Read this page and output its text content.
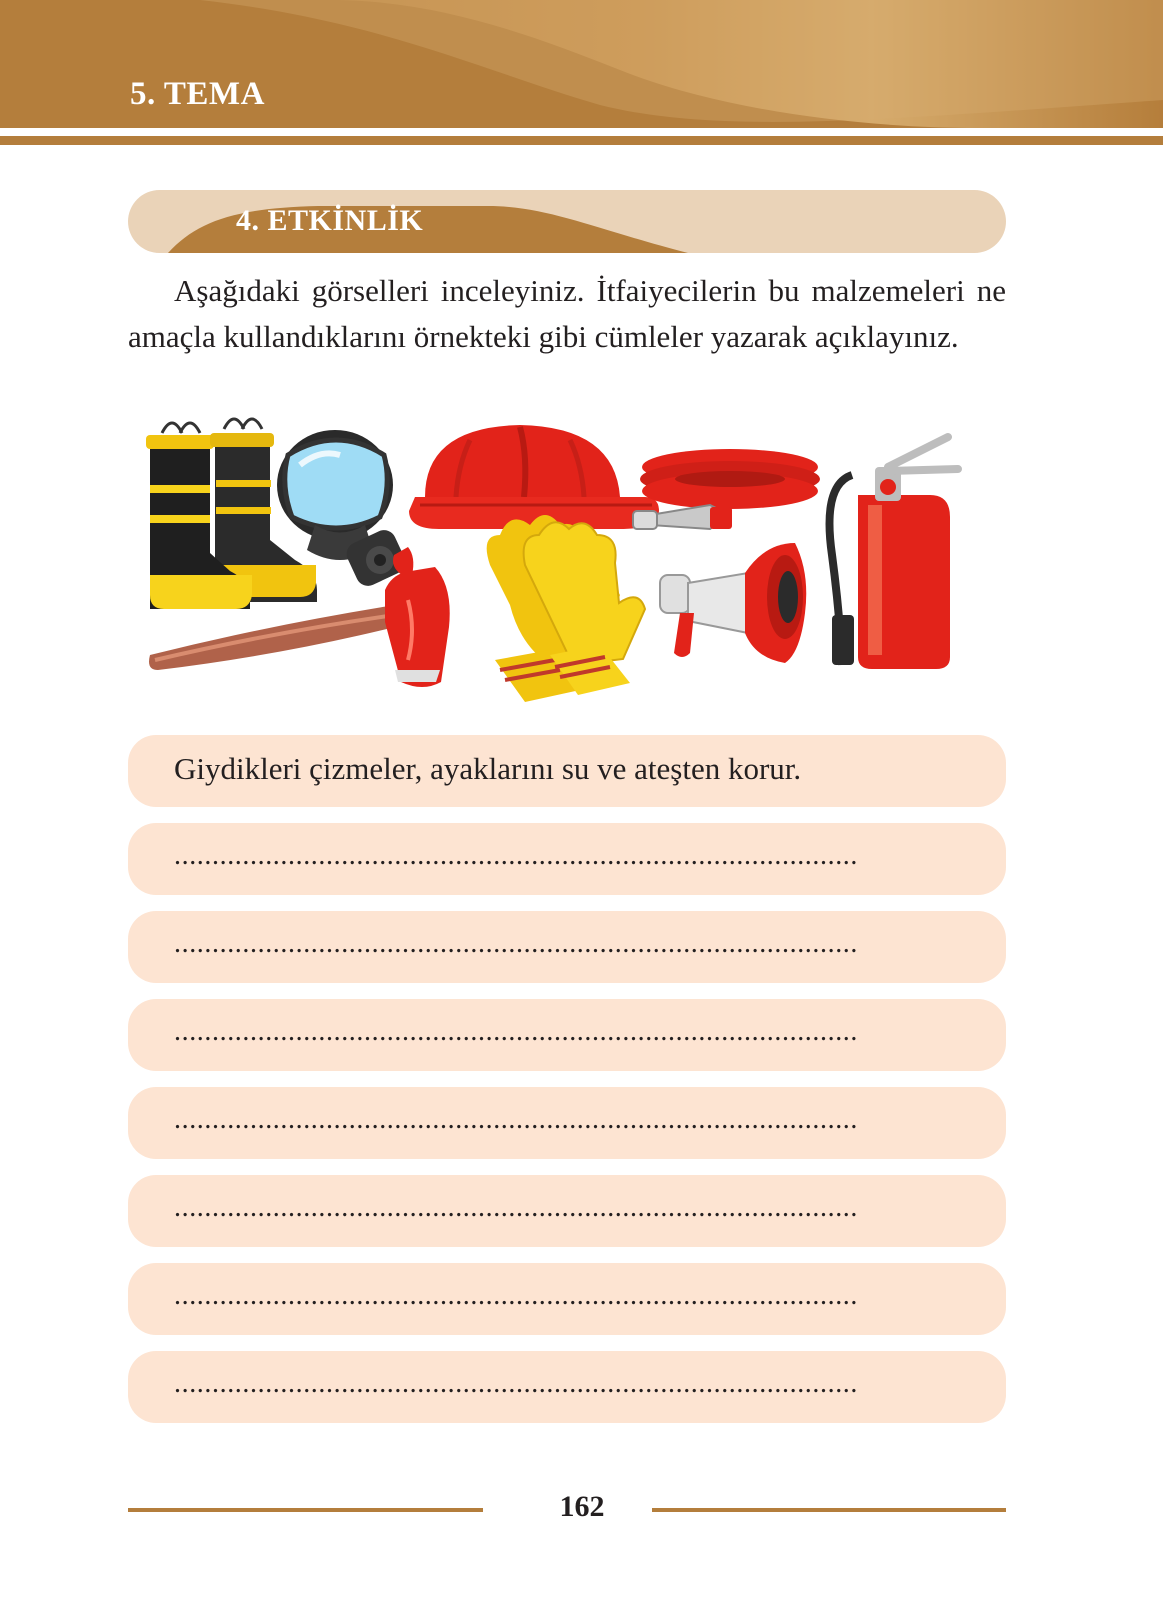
5. TEMA
4. ETKİNLİK

Aşağıdaki görselleri inceleyiniz. İtfaiyecilerin bu malzemeleri ne amaçla kullandıklarını örnekteki gibi cümleler yazarak açıklayınız.

Giydikleri çizmeler, ayaklarını su ve ateşten korur.
..........................................................................................
..........................................................................................
..........................................................................................
..........................................................................................
..........................................................................................
..........................................................................................
..........................................................................................
162
